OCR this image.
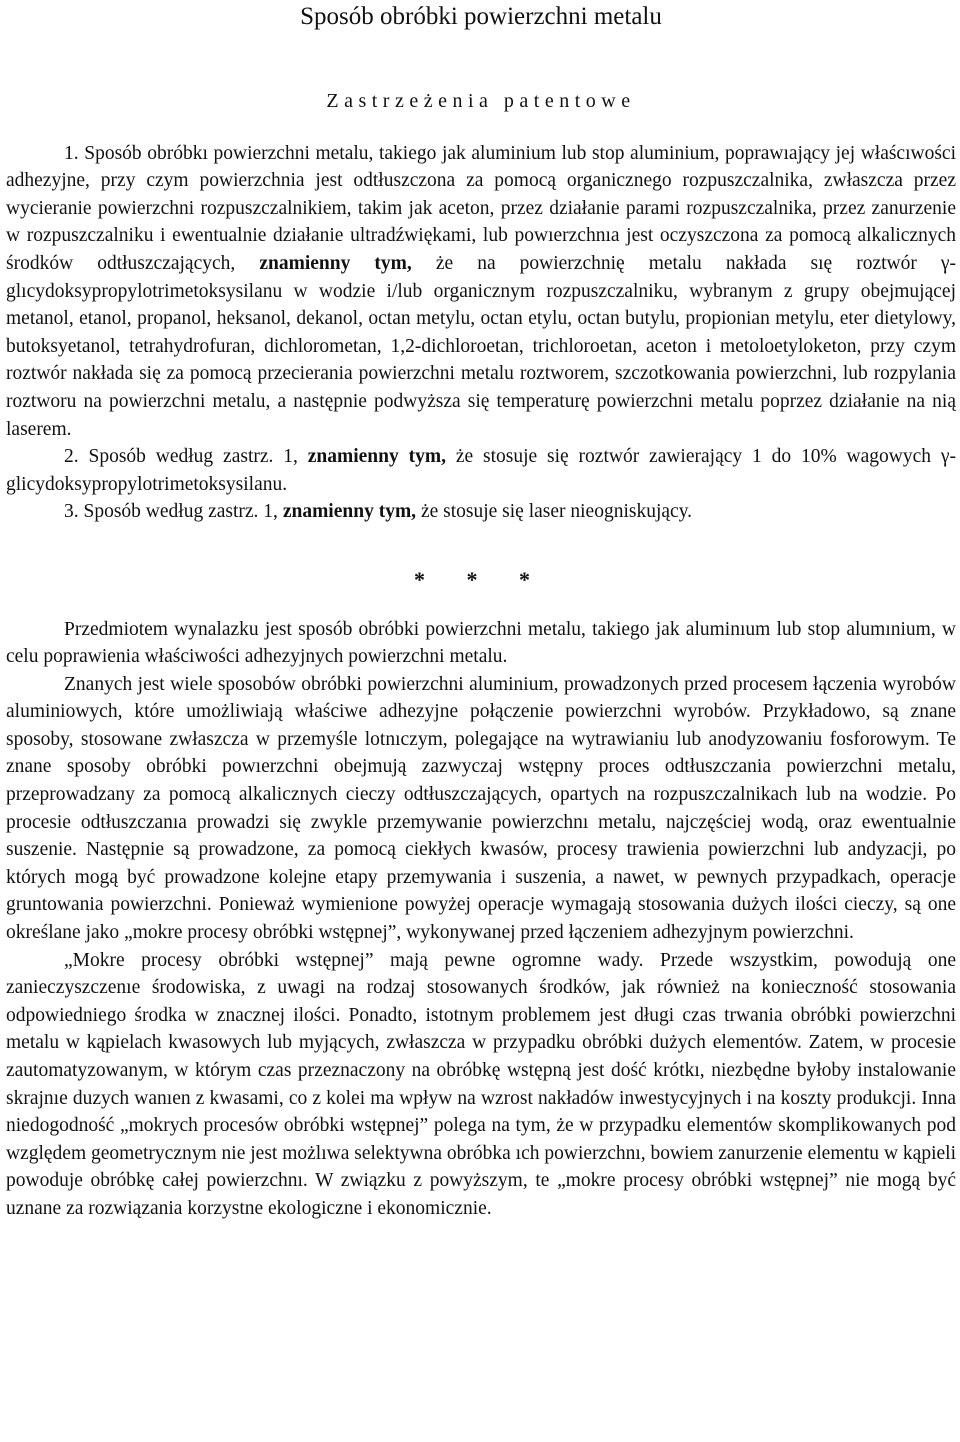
Sposób obróbki powierzchni metalu
Zastrzeżenia patentowe

1. Sposób obróbkı powierzchni metalu, takiego jak aluminium lub stop aluminium, poprawıający jej właścıwości adhezyjne, przy czym powierzchnia jest odtłuszczona za pomocą organicznego rozpuszczalnika, zwłaszcza przez wycieranie powierzchni rozpuszczalnikiem, takim jak aceton, przez działanie parami rozpuszczalnika, przez zanurzenie w rozpuszczalniku i ewentualnie działanie ultradźwiękami, lub powıerzchnıa jest oczyszczona za pomocą alkalicznych środków odtłuszczających, znamienny tym, że na powierzchnię metalu nakłada sıę roztwór γ-glıcydoksypropylotrimetoksysilanu w wodzie i/lub organicznym rozpuszczalniku, wybranym z grupy obejmującej metanol, etanol, propanol, heksanol, dekanol, octan metylu, octan etylu, octan butylu, propionian metylu, eter dietylowy, butoksyetanol, tetrahydrofuran, dichlorometan, 1,2-dichloroetan, trichloroetan, aceton i metoloetyloketon, przy czym roztwór nakłada się za pomocą przecierania powierzchni metalu roztworem, szczotkowania powierzchni, lub rozpylania roztworu na powierzchni metalu, a następnie podwyższa się temperaturę powierzchni metalu poprzez działanie na nią laserem.

2. Sposób według zastrz. 1, znamienny tym, że stosuje się roztwór zawierający 1 do 10% wagowych γ-glicydoksypropylotrimetoksysilanu.

3. Sposób według zastrz. 1, znamienny tym, że stosuje się laser nieogniskujący.

* * *

Przedmiotem wynalazku jest sposób obróbki powierzchni metalu, takiego jak aluminıum lub stop alumınium, w celu poprawienia właściwości adhezyjnych powierzchni metalu.

Znanych jest wiele sposobów obróbki powierzchni aluminium, prowadzonych przed procesem łączenia wyrobów aluminiowych, które umożliwiają właściwe adhezyjne połączenie powierzchni wyrobów. Przykładowo, są znane sposoby, stosowane zwłaszcza w przemyśle lotnıczym, polegające na wytrawianiu lub anodyzowaniu fosforowym. Te znane sposoby obróbki powıerzchni obejmują zazwyczaj wstępny proces odtłuszczania powierzchni metalu, przeprowadzany za pomocą alkalicznych cieczy odtłuszczających, opartych na rozpuszczalnikach lub na wodzie. Po procesie odtłuszczanıa prowadzi się zwykle przemywanie powierzchnı metalu, najczęściej wodą, oraz ewentualnie suszenie. Następnie są prowadzone, za pomocą ciekłych kwasów, procesy trawienia powierzchni lub andyzacji, po których mogą być prowadzone kolejne etapy przemywania i suszenia, a nawet, w pewnych przypadkach, operacje gruntowania powierzchni. Ponieważ wymienione powyżej operacje wymagają stosowania dużych ilości cieczy, są one określane jako „mokre procesy obróbki wstępnej”, wykonywanej przed łączeniem adhezyjnym powierzchni.

„Mokre procesy obróbki wstępnej” mają pewne ogromne wady. Przede wszystkim, powodują one zanieczyszczenıe środowiska, z uwagi na rodzaj stosowanych środków, jak również na konieczność stosowania odpowiedniego środka w znacznej ilości. Ponadto, istotnym problemem jest długi czas trwania obróbki powierzchni metalu w kąpielach kwasowych lub myjących, zwłaszcza w przypadku obróbki dużych elementów. Zatem, w procesie zautomatyzowanym, w którym czas przeznaczony na obróbkę wstępną jest dość krótkı, niezbędne byłoby instalowanie skrajnıe duzych wanıen z kwasami, co z kolei ma wpływ na wzrost nakładów inwestycyjnych i na koszty produkcji. Inna niedogodność „mokrych procesów obróbki wstępnej” polega na tym, że w przypadku elementów skomplikowanych pod względem geometrycznym nie jest możlıwa selektywna obróbka ıch powierzchnı, bowiem zanurzenie elementu w kąpieli powoduje obróbkę całej powierzchnı. W związku z powyższym, te „mokre procesy obróbki wstępnej” nie mogą być uznane za rozwiązania korzystne ekologiczne i ekonomicznie.
